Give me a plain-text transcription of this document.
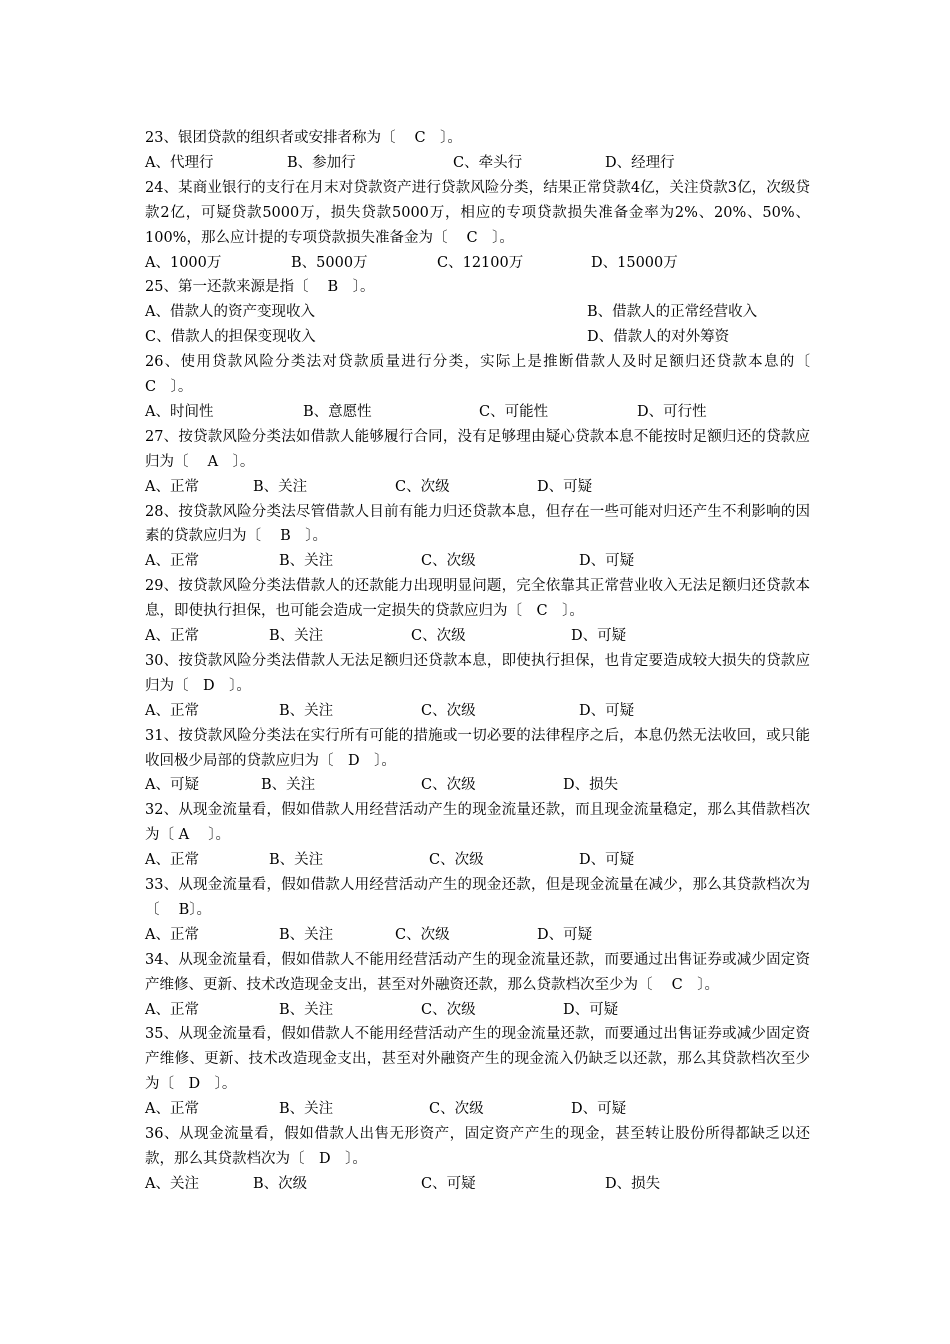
23、银团贷款的组织者或安排者称为〔　 C　〕。

A、代理行	B、参加行	C、牵头行	D、经理行

24、某商业银行的支行在月末对贷款资产进行贷款风险分类，结果正常贷款4亿，关注贷款3亿，次级贷款2亿，可疑贷款5000万，损失贷款5000万，相应的专项贷款损失准备金率为2%、20%、50%、100%，那么应计提的专项贷款损失准备金为〔　 C　〕。

A、1000万	B、5000万	C、12100万	D、15000万

25、第一还款来源是指〔　 B　〕。

A、借款人的资产变现收入	B、借款人的正常经营收入
C、借款人的担保变现收入	D、借款人的对外筹资

26、使用贷款风险分类法对贷款质量进行分类，实际上是推断借款人及时足额归还贷款本息的〔　 C　〕。

A、时间性	B、意愿性	C、可能性	D、可行性

27、按贷款风险分类法如借款人能够履行合同，没有足够理由疑心贷款本息不能按时足额归还的贷款应归为〔　 A　〕。

A、正常	B、关注	C、次级	D、可疑

28、按贷款风险分类法尽管借款人目前有能力归还贷款本息，但存在一些可能对归还产生不利影响的因素的贷款应归为〔　 B　〕。

A、正常	B、关注	C、次级	D、可疑

29、按贷款风险分类法借款人的还款能力出现明显问题，完全依靠其正常营业收入无法足额归还贷款本息，即使执行担保，也可能会造成一定损失的贷款应归为〔　C　〕。

A、正常	B、关注	C、次级	D、可疑

30、按贷款风险分类法借款人无法足额归还贷款本息，即使执行担保，也肯定要造成较大损失的贷款应归为〔　D　〕。

A、正常	B、关注	C、次级	D、可疑

31、按贷款风险分类法在实行所有可能的措施或一切必要的法律程序之后，本息仍然无法收回，或只能收回极少局部的贷款应归为〔　D　〕。

A、可疑	B、关注	C、次级	D、损失

32、从现金流量看，假如借款人用经营活动产生的现金流量还款，而且现金流量稳定，那么其借款档次为〔 A　 〕。

A、正常	B、关注	C、次级	D、可疑

33、从现金流量看，假如借款人用经营活动产生的现金还款，但是现金流量在减少，那么其贷款档次为〔　 B〕。

A、正常	B、关注	C、次级	D、可疑

34、从现金流量看，假如借款人不能用经营活动产生的现金流量还款，而要通过出售证券或减少固定资产维修、更新、技术改造现金支出，甚至对外融资还款，那么贷款档次至少为〔　 C　〕。

A、正常	B、关注	C、次级	D、可疑

35、从现金流量看，假如借款人不能用经营活动产生的现金流量还款，而要通过出售证券或减少固定资产维修、更新、技术改造现金支出，甚至对外融资产生的现金流入仍缺乏以还款，那么其贷款档次至少为〔　D　〕。

A、正常	B、关注	C、次级	D、可疑

36、从现金流量看，假如借款人出售无形资产，固定资产产生的现金，甚至转让股份所得都缺乏以还款，那么其贷款档次为〔　D　〕。

A、关注	B、次级	C、可疑	D、损失
